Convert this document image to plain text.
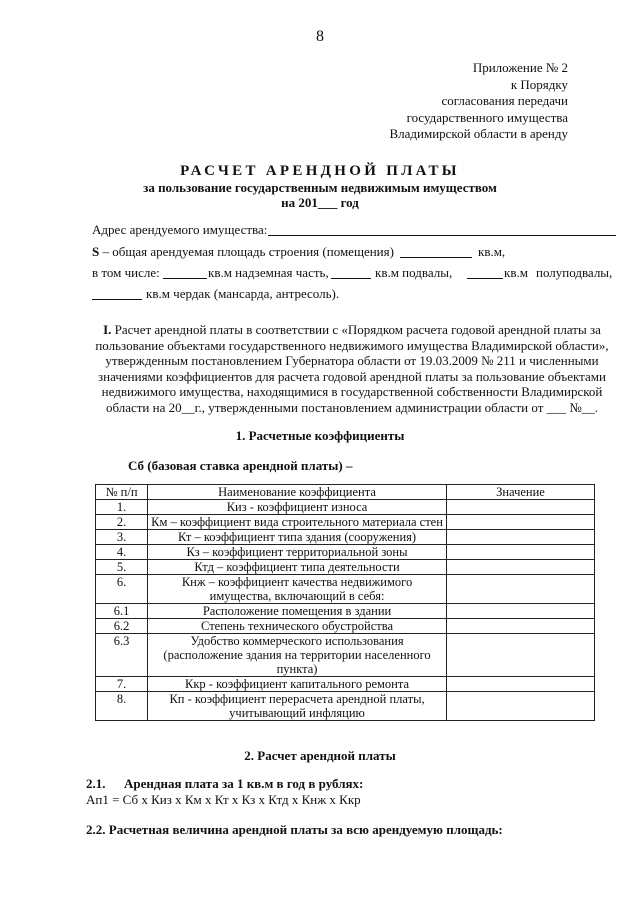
8
Приложение № 2
к Порядку
согласования передачи
государственного имущества
Владимирской области в аренду
РАСЧЕТ АРЕНДНОЙ ПЛАТЫ
за пользование государственным недвижимым имуществом
на 201___ год
Адрес арендуемого имущества:
S – общая арендуемая площадь строения (помещения)	кв.м,
в том числе:	кв.м надземная часть,	кв.м подвалы,	кв.м полуподвалы,
кв.м чердак (мансарда, антресоль).
I. Расчет арендной платы в соответствии с «Порядком расчета годовой арендной платы за пользование объектами государственного недвижимого имущества Владимирской области», утвержденным постановлением Губернатора области от 19.03.2009 № 211 и численными значениями коэффициентов для расчета годовой арендной платы за пользование объектами недвижимого имущества, находящимися в государственной собственности Владимирской области на 20__г., утвержденными постановлением администрации области от ___ №__.
1. Расчетные коэффициенты
Сб (базовая ставка арендной платы) –
№ п/п	Наименование коэффициента	Значение
1.	Киз - коэффициент износа	
2.	Км – коэффициент вида строительного материала стен	
3.	Кт – коэффициент типа здания (сооружения)	
4.	Кз – коэффициент территориальной зоны	
5.	Ктд – коэффициент типа деятельности	
6.	Кнж – коэффициент качества недвижимого имущества, включающий в себя:	
6.1	Расположение помещения в здании	
6.2	Степень технического обустройства	
6.3	Удобство коммерческого использования (расположение здания на территории населенного пункта)	
7.	Ккр - коэффициент капитального ремонта	
8.	Кп - коэффициент перерасчета арендной платы, учитывающий инфляцию	
2. Расчет арендной платы
2.1. Арендная плата за 1 кв.м в год в рублях:
Ап1 = Сб х Киз х Км х Кт х Кз х Ктд х Кнж х Ккр
2.2. Расчетная величина арендной платы за всю арендуемую площадь:
